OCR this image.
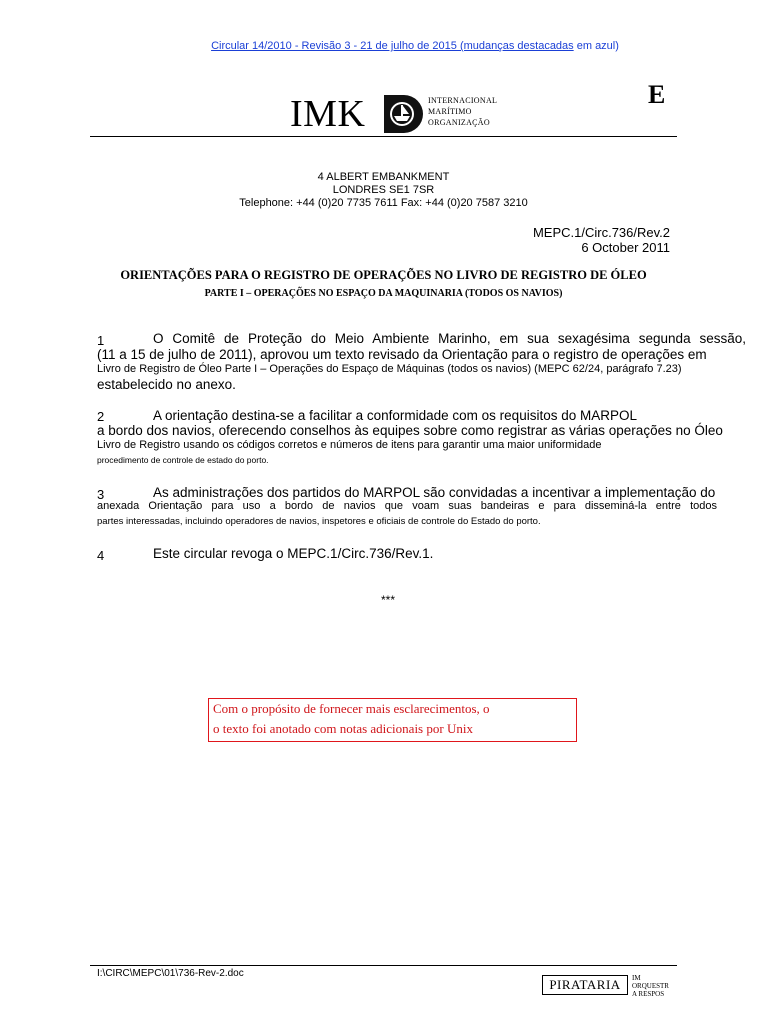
Circular 14/2010 - Revisão 3 - 21 de julho de 2015 (mudanças destacadas em azul)
IMK	INTERNACIONAL
MARÍTIMO
ORGANIZAÇÃO
E
4 ALBERT EMBANKMENT
LONDRES SE1 7SR
Telephone: +44 (0)20 7735 7611 Fax: +44 (0)20 7587 3210
MEPC.1/Circ.736/Rev.2
6 October 2011
ORIENTAÇÕES PARA O REGISTRO DE OPERAÇÕES NO LIVRO DE REGISTRO DE ÓLEO
PARTE I – OPERAÇÕES NO ESPAÇO DA MAQUINARIA (TODOS OS NAVIOS)
1	O Comitê de Proteção do Meio Ambiente Marinho, em sua sexagésima segunda sessão,
(11 a 15 de julho de 2011), aprovou um texto revisado da Orientação para o registro de operações em
Livro de Registro de Óleo Parte I – Operações do Espaço de Máquinas (todos os navios) (MEPC 62/24, parágrafo 7.23)
estabelecido no anexo.
2	A orientação destina-se a facilitar a conformidade com os requisitos do MARPOL
a bordo dos navios, oferecendo conselhos às equipes sobre como registrar as várias operações no Óleo
Livro de Registro usando os códigos corretos e números de itens para garantir uma maior uniformidade
procedimento de controle de estado do porto.
3	As administrações dos partidos do MARPOL são convidadas a incentivar a implementação do
anexada Orientação para uso a bordo de navios que voam suas bandeiras e para disseminá-la entre todos
partes interessadas, incluindo operadores de navios, inspetores e oficiais de controle do Estado do porto.
4	Este circular revoga o MEPC.1/Circ.736/Rev.1.
***
Com o propósito de fornecer mais esclarecimentos, o
o texto foi anotado com notas adicionais por Unix
I:\CIRC\MEPC\01\736-Rev-2.doc
PIRATARIA	IM
ORQUESTR
A RESPOS
